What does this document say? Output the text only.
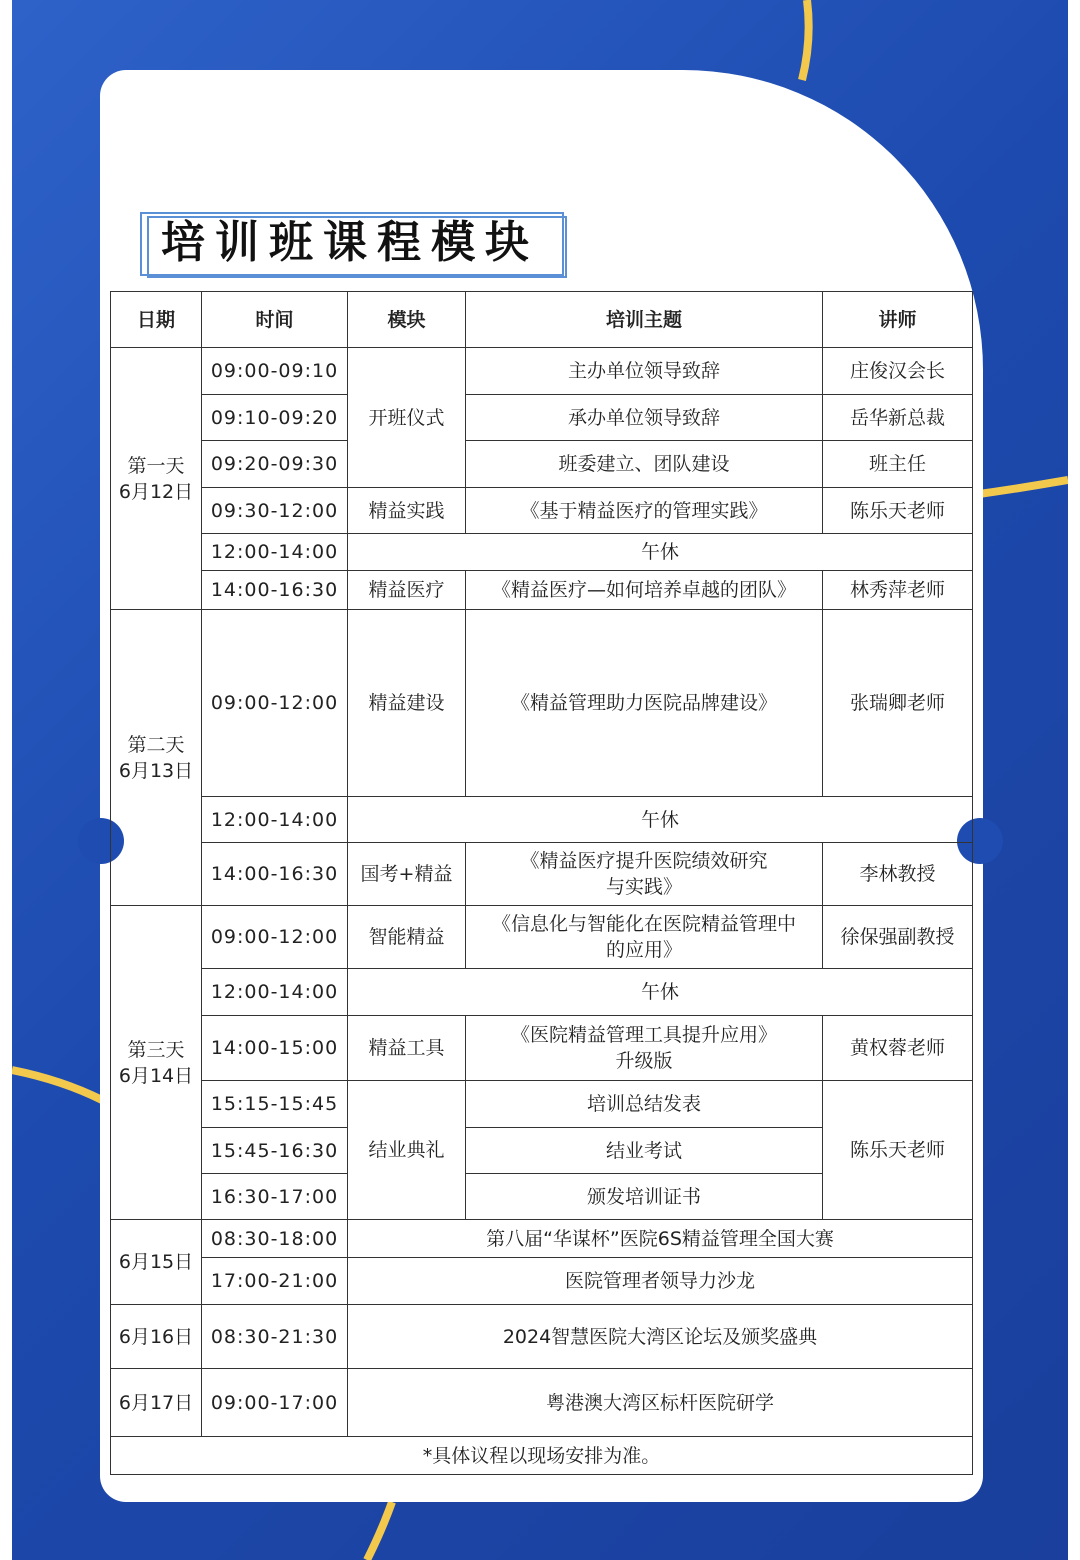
培训班课程模块
日期	时间	模块	培训主题	讲师
第一天
6月12日	09:00-09:10	开班仪式	主办单位领导致辞	庄俊汉会长
	09:10-09:20		承办单位领导致辞	岳华新总裁
	09:20-09:30		班委建立、团队建设	班主任
	09:30-12:00	精益实践	《基于精益医疗的管理实践》	陈乐天老师
	12:00-14:00	午休		
	14:00-16:30	精益医疗	《精益医疗—如何培养卓越的团队》	林秀萍老师
第二天
6月13日	09:00-12:00	精益建设	《精益管理助力医院品牌建设》	张瑞卿老师
	12:00-14:00	午休		
	14:00-16:30	国考+精益	《精益医疗提升医院绩效研究
与实践》	李林教授
第三天
6月14日	09:00-12:00	智能精益	《信息化与智能化在医院精益管理中
的应用》	徐保强副教授
	12:00-14:00	午休		
	14:00-15:00	精益工具	《医院精益管理工具提升应用》
升级版	黄权蓉老师
	15:15-15:45	结业典礼	培训总结发表	陈乐天老师
	15:45-16:30		结业考试	
	16:30-17:00		颁发培训证书	
6月15日	08:30-18:00	第八届“华谋杯”医院6S精益管理全国大赛		
	17:00-21:00	医院管理者领导力沙龙		
6月16日	08:30-21:30	2024智慧医院大湾区论坛及颁奖盛典		
6月17日	09:00-17:00	粤港澳大湾区标杆医院研学		
*具体议程以现场安排为准。				
